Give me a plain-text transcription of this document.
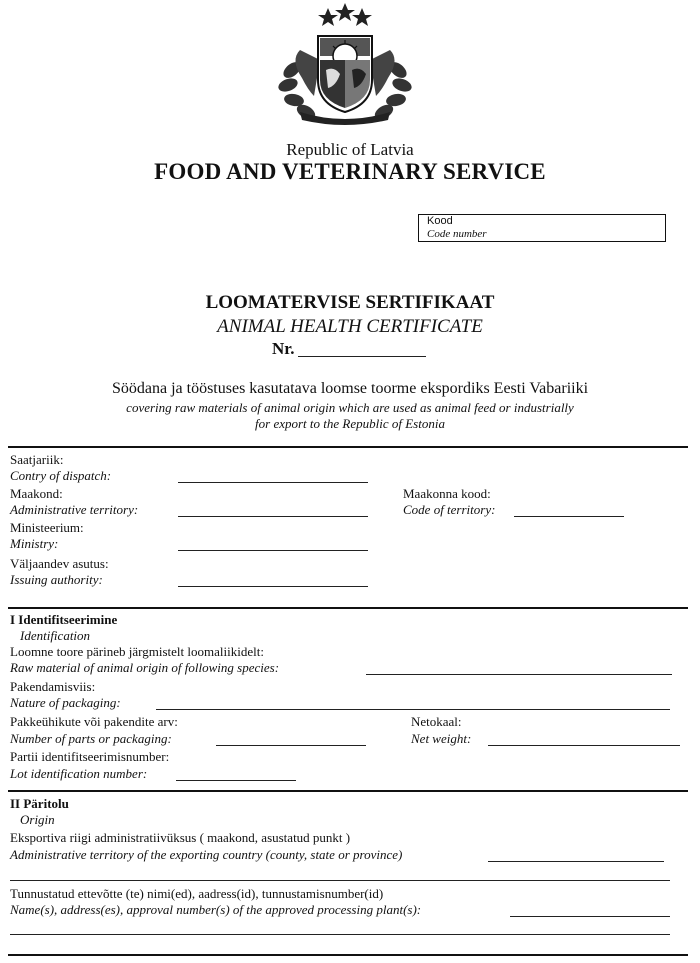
Republic of Latvia
FOOD AND VETERINARY SERVICE
Kood
Code number
LOOMATERVISE SERTIFIKAAT
ANIMAL HEALTH CERTIFICATE
Nr.
Söödana ja tööstuses kasutatava loomse toorme ekspordiks Eesti Vabariiki
covering raw materials of animal origin which are used as animal feed or industrially
for export to the Republic of Estonia
Saatjariik:
Contry of dispatch:
Maakond:
Administrative territory:
Maakonna kood:
Code of territory:
Ministeerium:
Ministry:
Väljaandev asutus:
Issuing authority:
I Identifitseerimine
Identification
Loomne toore pärineb järgmistelt loomaliikidelt:
Raw material of animal origin of following species:
Pakendamisviis:
Nature of packaging:
Pakkeühikute või pakendite arv:
Number of parts or packaging:
Netokaal:
Net weight:
Partii identifitseerimisnumber:
Lot identification number:
II Päritolu
Origin
Eksportiva riigi administratiivüksus ( maakond, asustatud punkt )
Administrative territory of the exporting country (county, state or province)
Tunnustatud ettevõtte (te) nimi(ed), aadress(id), tunnustamisnumber(id)
Name(s), address(es), approval number(s) of the approved processing plant(s):
